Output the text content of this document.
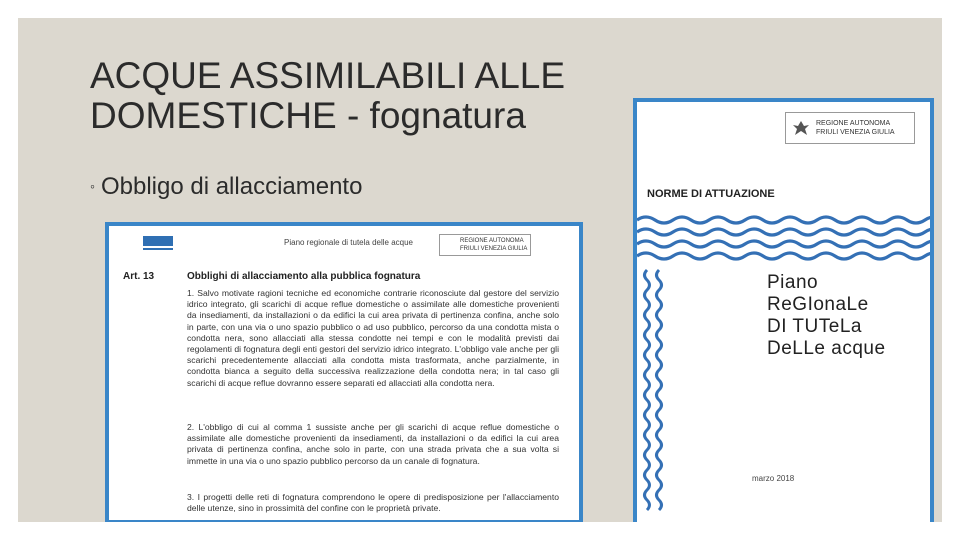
ACQUE ASSIMILABILI ALLE
DOMESTICHE - fognatura
◦ Obbligo di allacciamento
Piano regionale di tutela delle acque	REGIONE AUTONOMA
FRIULI VENEZIA GIULIA
Art. 13	Obblighi di allacciamento alla pubblica fognatura
1. Salvo motivate ragioni tecniche ed economiche contrarie riconosciute dal gestore del servizio idrico integrato, gli scarichi di acque reflue domestiche o assimilate alle domestiche provenienti da insediamenti, da installazioni o da edifici la cui area privata di pertinenza confina, anche solo in parte, con una via o uno spazio pubblico o ad uso pubblico, percorso da una condotta mista o condotta nera, sono allacciati alla stessa condotte nei tempi e con le modalità previsti dai regolamenti di fognatura degli enti gestori del servizio idrico integrato. L'obbligo vale anche per gli scarichi precedentemente allacciati alla condotta mista trasformata, anche parzialmente, in condotta bianca a seguito della successiva realizzazione della condotta nera; in tal caso gli scarichi di acque reflue dovranno essere separati ed allacciati alla condotta nera.
2. L'obbligo di cui al comma 1 sussiste anche per gli scarichi di acque reflue domestiche o assimilate alle domestiche provenienti da insediamenti, da installazioni o da edifici la cui area privata di pertinenza confina, anche solo in parte, con una strada privata che a sua volta si immette in una via o uno spazio pubblico percorso da un canale di fognatura.
3. I progetti delle reti di fognatura comprendono le opere di predisposizione per l'allacciamento delle utenze, sino in prossimità del confine con le proprietà private.
REGIONE AUTONOMA
FRIULI VENEZIA GIULIA
NORME DI ATTUAZIONE
Piano
ReGIonaLe
DI TUTeLa
DeLLe acque
marzo 2018
